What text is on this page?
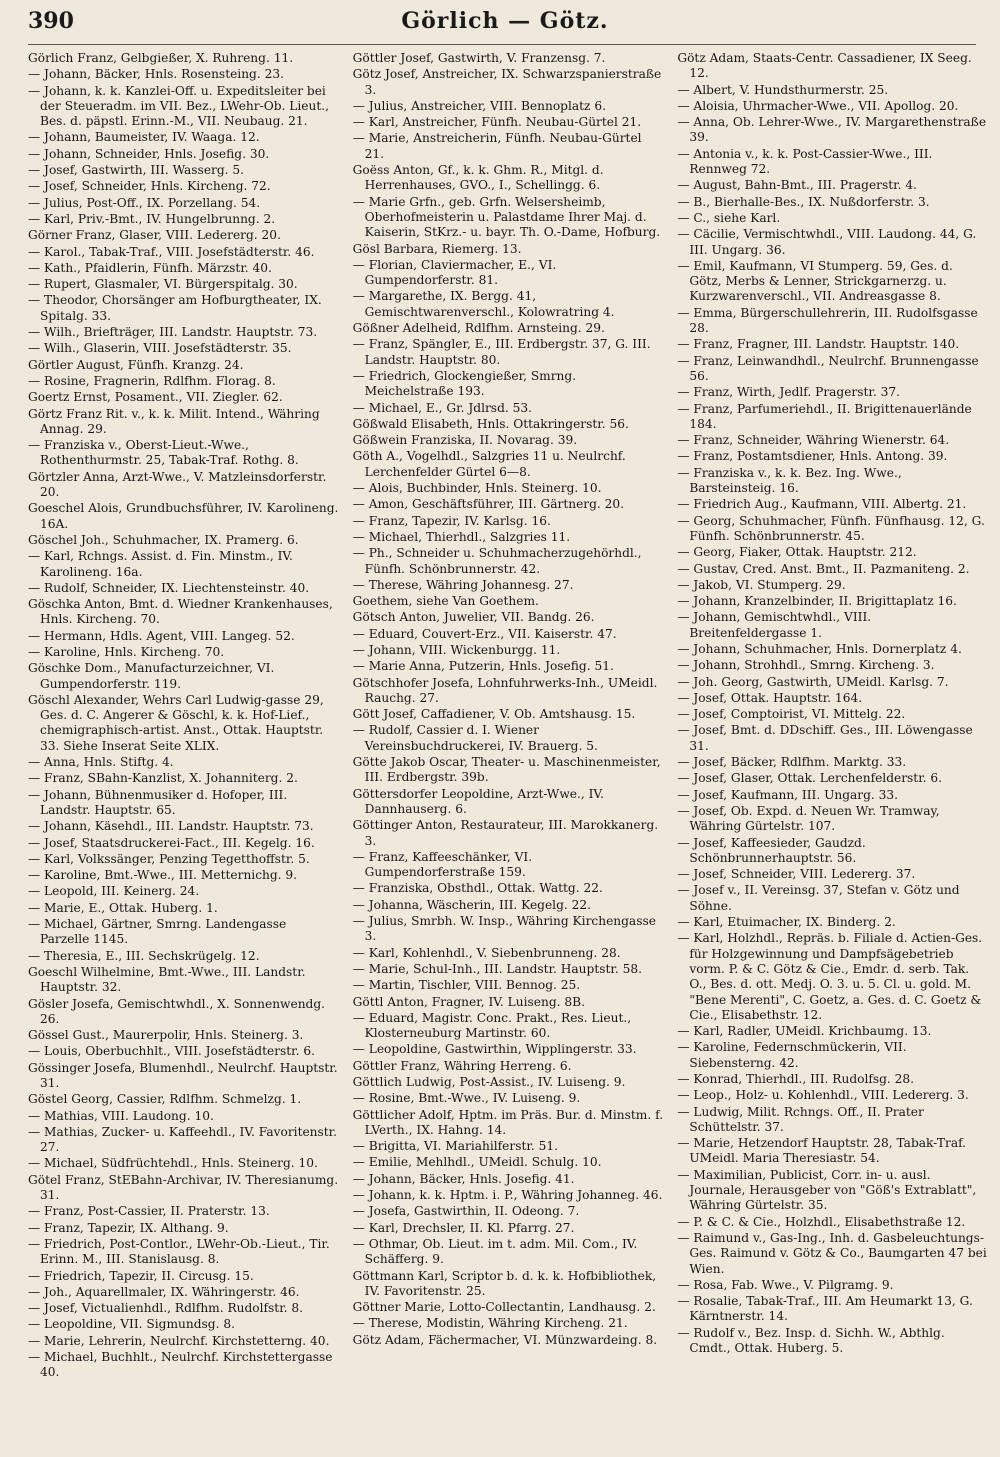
390	Görlich — Götz.
Görlich Franz, Gelbgießer, X. Ruhreng. 11.
— Johann, Bäcker, Hnls. Rosensteing. 23.
— Johann, k. k. Kanzlei-Off. u. Expeditsleiter bei der Steueradm. im VII. Bez., LWehr-Ob. Lieut., Bes. d. päpstl. Erinn.-M., VII. Neubaug. 21.
— Johann, Baumeister, IV. Waaga. 12.
— Johann, Schneider, Hnls. Josefig. 30.
— Josef, Gastwirth, III. Wasserg. 5.
— Josef, Schneider, Hnls. Kircheng. 72.
— Julius, Post-Off., IX. Porzellang. 54.
— Karl, Priv.-Bmt., IV. Hungelbrunng. 2.
Görner Franz, Glaser, VIII. Ledererg. 20.
— Karol., Tabak-Traf., VIII. Josefstädterstr. 46.
— Kath., Pfaidlerin, Fünfh. Märzstr. 40.
— Rupert, Glasmaler, VI. Bürgerspitalg. 30.
— Theodor, Chorsänger am Hofburgtheater, IX. Spitalg. 33.
— Wilh., Briefträger, III. Landstr. Hauptstr. 73.
— Wilh., Glaserin, VIII. Josefstädterstr. 35.
Görtler August, Fünfh. Kranzg. 24.
— Rosine, Fragnerin, Rdlfhm. Florag. 8.
Goertz Ernst, Posament., VII. Ziegler. 62.
Görtz Franz Rit. v., k. k. Milit. Intend., Währing Annag. 29.
— Franziska v., Oberst-Lieut.-Wwe., Rothenthurmstr. 25, Tabak-Traf. Rothg. 8.
Görtzler Anna, Arzt-Wwe., V. Matzleinsdorferstr. 20.
Goeschel Alois, Grundbuchsführer, IV. Karolineng. 16A.
Göschel Joh., Schuhmacher, IX. Pramerg. 6.
— Karl, Rchngs. Assist. d. Fin. Minstm., IV. Karolineng. 16a.
— Rudolf, Schneider, IX. Liechtensteinstr. 40.
Göschka Anton, Bmt. d. Wiedner Krankenhauses, Hnls. Kircheng. 70.
— Hermann, Hdls. Agent, VIII. Langeg. 52.
— Karoline, Hnls. Kircheng. 70.
Göschke Dom., Manufacturzeichner, VI. Gumpendorferstr. 119.
Göschl Alexander, Wehrs Carl Ludwig-gasse 29, Ges. d. C. Angerer & Göschl, k. k. Hof-Lief., chemigraphisch-artist. Anst., Ottak. Hauptstr. 33. Siehe Inserat Seite XLIX.
— Anna, Hnls. Stiftg. 4.
— Franz, SBahn-Kanzlist, X. Johanniterg. 2.
— Johann, Bühnenmusiker d. Hofoper, III. Landstr. Hauptstr. 65.
— Johann, Käsehdl., III. Landstr. Hauptstr. 73.
— Josef, Staatsdruckerei-Fact., III. Kegelg. 16.
— Karl, Volkssänger, Penzing Tegetthoffstr. 5.
— Karoline, Bmt.-Wwe., III. Metternichg. 9.
— Leopold, III. Keinerg. 24.
— Marie, E., Ottak. Huberg. 1.
— Michael, Gärtner, Smrng. Landengasse Parzelle 1145.
— Theresia, E., III. Sechskrügelg. 12.
Goeschl Wilhelmine, Bmt.-Wwe., III. Landstr. Hauptstr. 32.
Gösler Josefa, Gemischtwhdl., X. Sonnenwendg. 26.
Gössel Gust., Maurerpolir, Hnls. Steinerg. 3.
— Louis, Oberbuchhlt., VIII. Josefstädterstr. 6.
Gössinger Josefa, Blumenhdl., Neulrchf. Hauptstr. 31.
Göstel Georg, Cassier, Rdlfhm. Schmelzg. 1.
— Mathias, VIII. Laudong. 10.
— Mathias, Zucker- u. Kaffeehdl., IV. Favoritenstr. 27.
— Michael, Südfrüchtehdl., Hnls. Steinerg. 10.
Götel Franz, StEBahn-Archivar, IV. Theresianumg. 31.
— Franz, Post-Cassier, II. Praterstr. 13.
— Franz, Tapezir, IX. Althang. 9.
— Friedrich, Post-Contlor., LWehr-Ob.-Lieut., Tir. Erinn. M., III. Stanislausg. 8.
— Friedrich, Tapezir, II. Circusg. 15.
— Joh., Aquarellmaler, IX. Währingerstr. 46.
— Josef, Victualienhdl., Rdlfhm. Rudolfstr. 8.
— Leopoldine, VII. Sigmundsg. 8.
— Marie, Lehrerin, Neulrchf. Kirchstetterng. 40.
— Michael, Buchhlt., Neulrchf. Kirchstettergasse 40.
Göttler Josef, Gastwirth, V. Franzensg. 7.
Götz Josef, Anstreicher, IX. Schwarzspanierstraße 3.
— Julius, Anstreicher, VIII. Bennoplatz 6.
— Karl, Anstreicher, Fünfh. Neubau-Gürtel 21.
— Marie, Anstreicherin, Fünfh. Neubau-Gürtel 21.
Goëss Anton, Gf., k. k. Ghm. R., Mitgl. d. Herrenhauses, GVO., I., Schellingg. 6.
— Marie Grfn., geb. Grfn. Welsersheimb, Oberhofmeisterin u. Palastdame Ihrer Maj. d. Kaiserin, StKrz.- u. bayr. Th. O.-Dame, Hofburg.
Gösl Barbara, Riemerg. 13.
— Florian, Claviermacher, E., VI. Gumpendorferstr. 81.
— Margarethe, IX. Bergg. 41, Gemischtwarenverschl., Kolowratring 4.
Gößner Adelheid, Rdlfhm. Arnsteing. 29.
— Franz, Spängler, E., III. Erdbergstr. 37, G. III. Landstr. Hauptstr. 80.
— Friedrich, Glockengießer, Smrng. Meichelstraße 193.
— Michael, E., Gr. Jdlrsd. 53.
Gößwald Elisabeth, Hnls. Ottakringerstr. 56.
Gößwein Franziska, II. Novarag. 39.
Göth A., Vogelhdl., Salzgries 11 u. Neulrchf. Lerchenfelder Gürtel 6—8.
— Alois, Buchbinder, Hnls. Steinerg. 10.
— Amon, Geschäftsführer, III. Gärtnerg. 20.
— Franz, Tapezir, IV. Karlsg. 16.
— Michael, Thierhdl., Salzgries 11.
— Ph., Schneider u. Schuhmacherzugehörhdl., Fünfh. Schönbrunnerstr. 42.
— Therese, Währing Johannesg. 27.
Goethem, siehe Van Goethem.
Götsch Anton, Juwelier, VII. Bandg. 26.
— Eduard, Couvert-Erz., VII. Kaiserstr. 47.
— Johann, VIII. Wickenburgg. 11.
— Marie Anna, Putzerin, Hnls. Josefig. 51.
Götschhofer Josefa, Lohnfuhrwerks-Inh., UMeidl. Rauchg. 27.
Gött Josef, Caffadiener, V. Ob. Amtshausg. 15.
— Rudolf, Cassier d. I. Wiener Vereinsbuchdruckerei, IV. Brauerg. 5.
Götte Jakob Oscar, Theater- u. Maschinenmeister, III. Erdbergstr. 39b.
Göttersdorfer Leopoldine, Arzt-Wwe., IV. Dannhauserg. 6.
Göttinger Anton, Restaurateur, III. Marokkanerg. 3.
— Franz, Kaffeeschänker, VI. Gumpendorferstraße 159.
— Franziska, Obsthdl., Ottak. Wattg. 22.
— Johanna, Wäscherin, III. Kegelg. 22.
— Julius, Smrbh. W. Insp., Währing Kirchengasse 3.
— Karl, Kohlenhdl., V. Siebenbrunneng. 28.
— Marie, Schul-Inh., III. Landstr. Hauptstr. 58.
— Martin, Tischler, VIII. Bennog. 25.
Göttl Anton, Fragner, IV. Luiseng. 8B.
— Eduard, Magistr. Conc. Prakt., Res. Lieut., Klosterneuburg Martinstr. 60.
— Leopoldine, Gastwirthin, Wipplingerstr. 33.
Göttler Franz, Währing Herreng. 6.
Göttlich Ludwig, Post-Assist., IV. Luiseng. 9.
— Rosine, Bmt.-Wwe., IV. Luiseng. 9.
Göttlicher Adolf, Hptm. im Präs. Bur. d. Minstm. f. LVerth., IX. Hahng. 14.
— Brigitta, VI. Mariahilferstr. 51.
— Emilie, Mehlhdl., UMeidl. Schulg. 10.
— Johann, Bäcker, Hnls. Josefig. 41.
— Johann, k. k. Hptm. i. P., Währing Johanneg. 46.
— Josefa, Gastwirthin, II. Odeong. 7.
— Karl, Drechsler, II. Kl. Pfarrg. 27.
— Othmar, Ob. Lieut. im t. adm. Mil. Com., IV. Schäfferg. 9.
Göttmann Karl, Scriptor b. d. k. k. Hofbibliothek, IV. Favoritenstr. 25.
Göttner Marie, Lotto-Collectantin, Landhausg. 2.
— Therese, Modistin, Währing Kircheng. 21.
Götz Adam, Fächermacher, VI. Münzwardeing. 8.
Götz Adam, Staats-Centr. Cassadiener, IX Seeg. 12.
— Albert, V. Hundsthurmerstr. 25.
— Aloisia, Uhrmacher-Wwe., VII. Apollog. 20.
— Anna, Ob. Lehrer-Wwe., IV. Margarethenstraße 39.
— Antonia v., k. k. Post-Cassier-Wwe., III. Rennweg 72.
— August, Bahn-Bmt., III. Pragerstr. 4.
— B., Bierhalle-Bes., IX. Nußdorferstr. 3.
— C., siehe Karl.
— Cäcilie, Vermischtwhdl., VIII. Laudong. 44, G. III. Ungarg. 36.
— Emil, Kaufmann, VI Stumperg. 59, Ges. d. Götz, Merbs & Lenner, Strickgarnerzg. u. Kurzwarenverschl., VII. Andreasgasse 8.
— Emma, Bürgerschullehrerin, III. Rudolfsgasse 28.
— Franz, Fragner, III. Landstr. Hauptstr. 140.
— Franz, Leinwandhdl., Neulrchf. Brunnengasse 56.
— Franz, Wirth, Jedlf. Pragerstr. 37.
— Franz, Parfumeriehdl., II. Brigittenauerlände 184.
— Franz, Schneider, Währing Wienerstr. 64.
— Franz, Postamtsdiener, Hnls. Antong. 39.
— Franziska v., k. k. Bez. Ing. Wwe., Barsteinsteig. 16.
— Friedrich Aug., Kaufmann, VIII. Albertg. 21.
— Georg, Schuhmacher, Fünfh. Fünfhausg. 12, G. Fünfh. Schönbrunnerstr. 45.
— Georg, Fiaker, Ottak. Hauptstr. 212.
— Gustav, Cred. Anst. Bmt., II. Pazmaniteng. 2.
— Jakob, VI. Stumperg. 29.
— Johann, Kranzelbinder, II. Brigittaplatz 16.
— Johann, Gemischtwhdl., VIII. Breitenfeldergasse 1.
— Johann, Schuhmacher, Hnls. Dornerplatz 4.
— Johann, Strohhdl., Smrng. Kircheng. 3.
— Joh. Georg, Gastwirth, UMeidl. Karlsg. 7.
— Josef, Ottak. Hauptstr. 164.
— Josef, Comptoirist, VI. Mittelg. 22.
— Josef, Bmt. d. DDschiff. Ges., III. Löwengasse 31.
— Josef, Bäcker, Rdlfhm. Marktg. 33.
— Josef, Glaser, Ottak. Lerchenfelderstr. 6.
— Josef, Kaufmann, III. Ungarg. 33.
— Josef, Ob. Expd. d. Neuen Wr. Tramway, Währing Gürtelstr. 107.
— Josef, Kaffeesieder, Gaudzd. Schönbrunnerhauptstr. 56.
— Josef, Schneider, VIII. Ledererg. 37.
— Josef v., II. Vereinsg. 37, Stefan v. Götz und Söhne.
— Karl, Etuimacher, IX. Binderg. 2.
— Karl, Holzhdl., Repräs. b. Filiale d. Actien-Ges. für Holzgewinnung und Dampfsägebetrieb vorm. P. & C. Götz & Cie., Emdr. d. serb. Tak. O., Bes. d. ott. Medj. O. 3. u. 5. Cl. u. gold. M. "Bene Merenti", C. Goetz, a. Ges. d. C. Goetz & Cie., Elisabethstr. 12.
— Karl, Radler, UMeidl. Krichbaumg. 13.
— Karoline, Federnschmückerin, VII. Siebensterng. 42.
— Konrad, Thierhdl., III. Rudolfsg. 28.
— Leop., Holz- u. Kohlenhdl., VIII. Ledererg. 3.
— Ludwig, Milit. Rchngs. Off., II. Prater Schüttelstr. 37.
— Marie, Hetzendorf Hauptstr. 28, Tabak-Traf. UMeidl. Maria Theresiastr. 54.
— Maximilian, Publicist, Corr. in- u. ausl. Journale, Herausgeber von "Göß's Extrablatt", Währing Gürtelstr. 35.
— P. & C. & Cie., Holzhdl., Elisabethstraße 12.
— Raimund v., Gas-Ing., Inh. d. Gasbeleuchtungs-Ges. Raimund v. Götz & Co., Baumgarten 47 bei Wien.
— Rosa, Fab. Wwe., V. Pilgramg. 9.
— Rosalie, Tabak-Traf., III. Am Heumarkt 13, G. Kärntnerstr. 14.
— Rudolf v., Bez. Insp. d. Sichh. W., Abthlg. Cmdt., Ottak. Huberg. 5.
